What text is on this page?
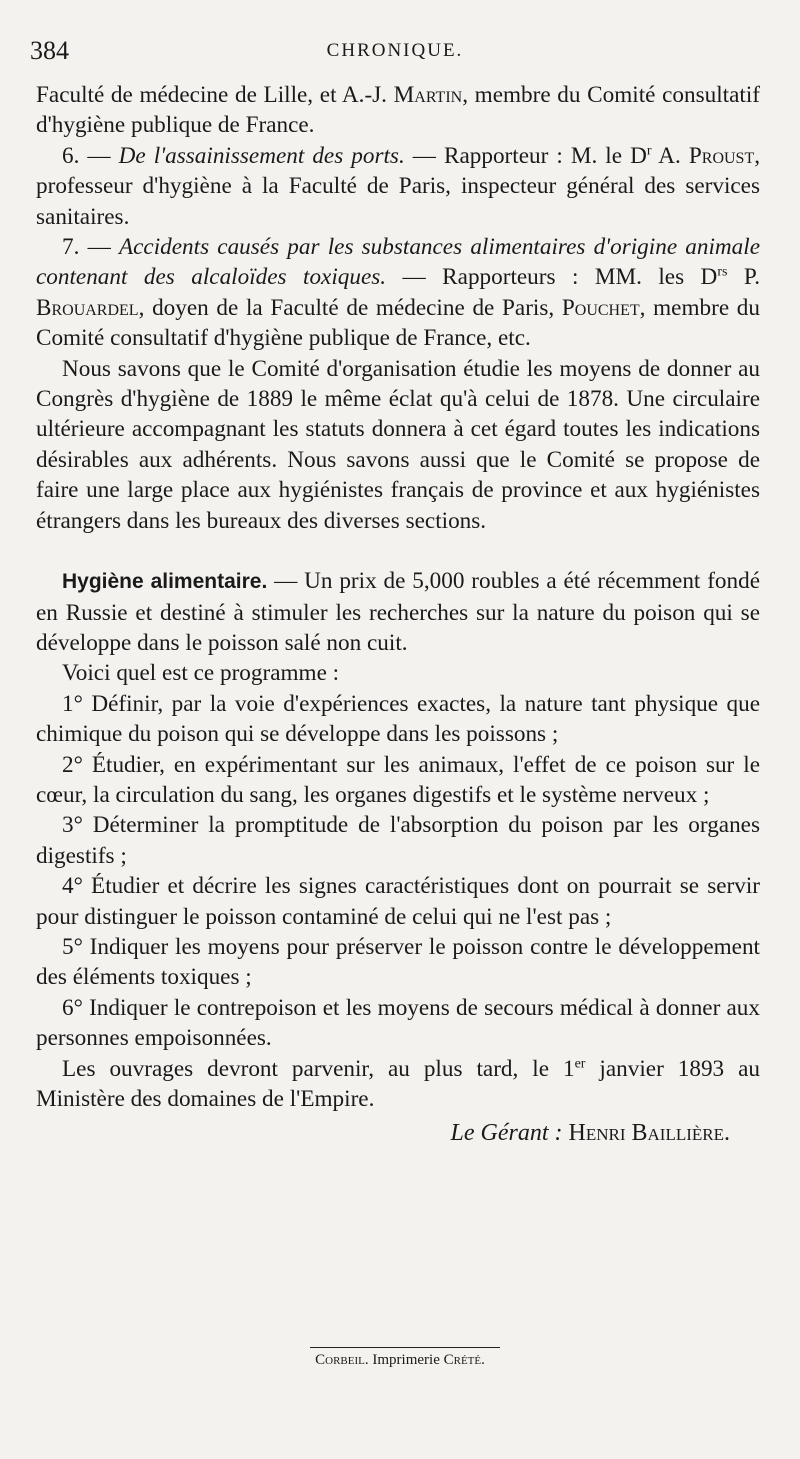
384	CHRONIQUE.

Faculté de médecine de Lille, et A.-J. Martin, membre du Comité consultatif d'hygiène publique de France.

6. — De l'assainissement des ports. — Rapporteur : M. le $D^r$ A. Proust, professeur d'hygiène à la Faculté de Paris, inspecteur général des services sanitaires.

7. — Accidents causés par les substances alimentaires d'origine animale contenant des alcaloïdes toxiques. — Rapporteurs : MM. les $D^{rs}$ P. Brouardel, doyen de la Faculté de médecine de Paris, Pouchet, membre du Comité consultatif d'hygiène publique de France, etc.

Nous savons que le Comité d'organisation étudie les moyens de donner au Congrès d'hygiène de 1889 le même éclat qu'à celui de 1878. Une circulaire ultérieure accompagnant les statuts donnera à cet égard toutes les indications désirables aux adhérents. Nous savons aussi que le Comité se propose de faire une large place aux hygiénistes français de province et aux hygiénistes étrangers dans les bureaux des diverses sections.

Hygiène alimentaire. — Un prix de 5,000 roubles a été récemment fondé en Russie et destiné à stimuler les recherches sur la nature du poison qui se développe dans le poisson salé non cuit.

Voici quel est ce programme :

1° Définir, par la voie d'expériences exactes, la nature tant physique que chimique du poison qui se développe dans les poissons ;

2° Étudier, en expérimentant sur les animaux, l'effet de ce poison sur le cœur, la circulation du sang, les organes digestifs et le système nerveux ;

3° Déterminer la promptitude de l'absorption du poison par les organes digestifs ;

4° Étudier et décrire les signes caractéristiques dont on pourrait se servir pour distinguer le poisson contaminé de celui qui ne l'est pas ;

5° Indiquer les moyens pour préserver le poisson contre le développement des éléments toxiques ;

6° Indiquer le contrepoison et les moyens de secours médical à donner aux personnes empoisonnées.

Les ouvrages devront parvenir, au plus tard, le 1er janvier 1893 au Ministère des domaines de l'Empire.

Le Gérant : Henri Baillière.
Corbeil. Imprimerie Crété.
